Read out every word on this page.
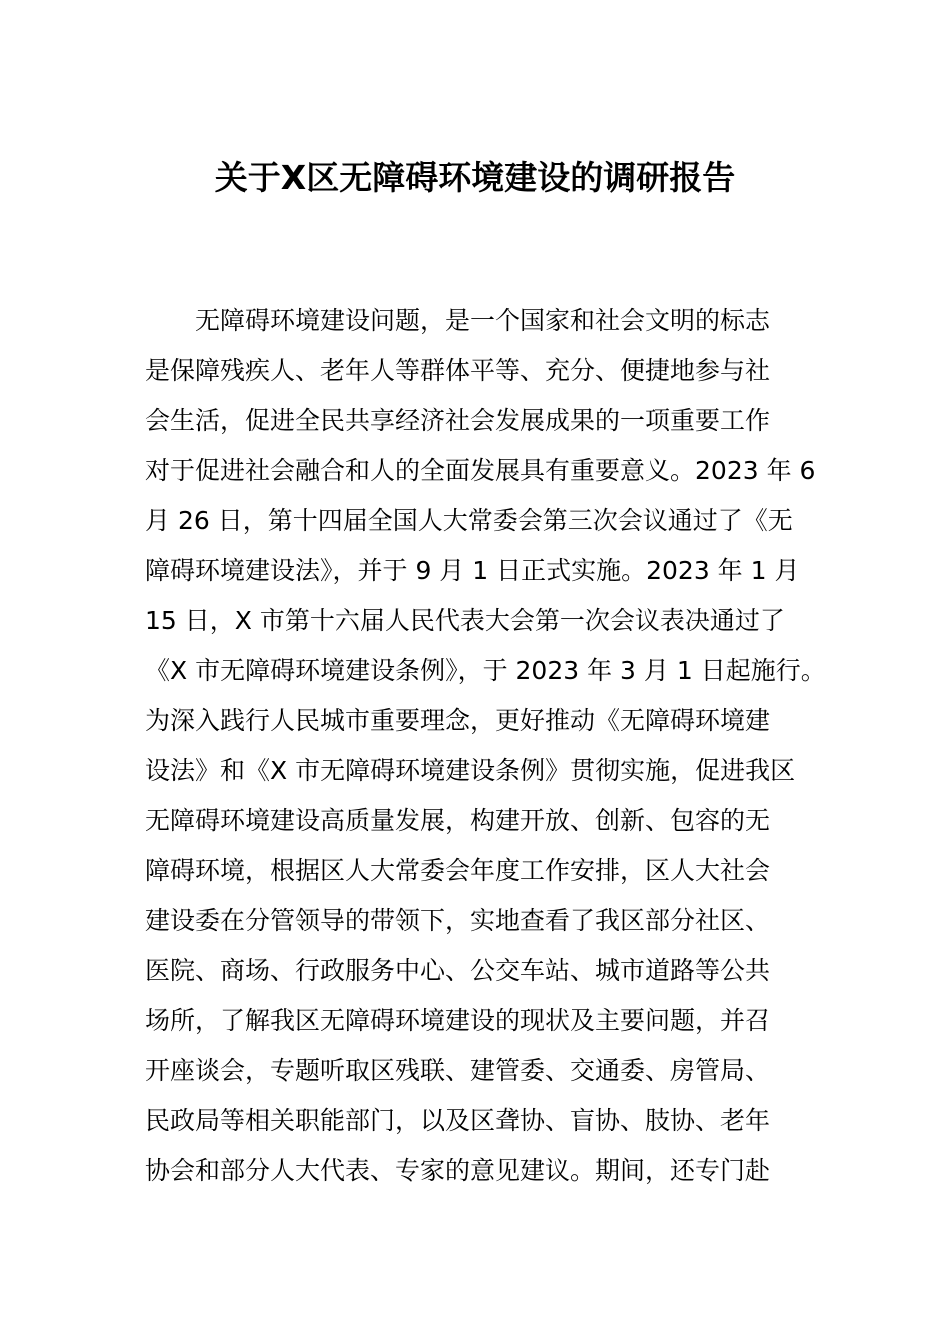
关于X区无障碍环境建设的调研报告
无障碍环境建设问题，是一个国家和社会文明的标志
是保障残疾人、老年人等群体平等、充分、便捷地参与社
会生活，促进全民共享经济社会发展成果的一项重要工作
对于促进社会融合和人的全面发展具有重要意义。2023 年 6
月 26 日，第十四届全国人大常委会第三次会议通过了《无
障碍环境建设法》，并于 9 月 1 日正式实施。2023 年 1 月
15 日，X 市第十六届人民代表大会第一次会议表决通过了
《X 市无障碍环境建设条例》，于 2023 年 3 月 1 日起施行。
为深入践行人民城市重要理念，更好推动《无障碍环境建
设法》和《X 市无障碍环境建设条例》贯彻实施，促进我区
无障碍环境建设高质量发展，构建开放、创新、包容的无
障碍环境，根据区人大常委会年度工作安排，区人大社会
建设委在分管领导的带领下，实地查看了我区部分社区、
医院、商场、行政服务中心、公交车站、城市道路等公共
场所，了解我区无障碍环境建设的现状及主要问题，并召
开座谈会，专题听取区残联、建管委、交通委、房管局、
民政局等相关职能部门，以及区聋协、盲协、肢协、老年
协会和部分人大代表、专家的意见建议。期间，还专门赴
